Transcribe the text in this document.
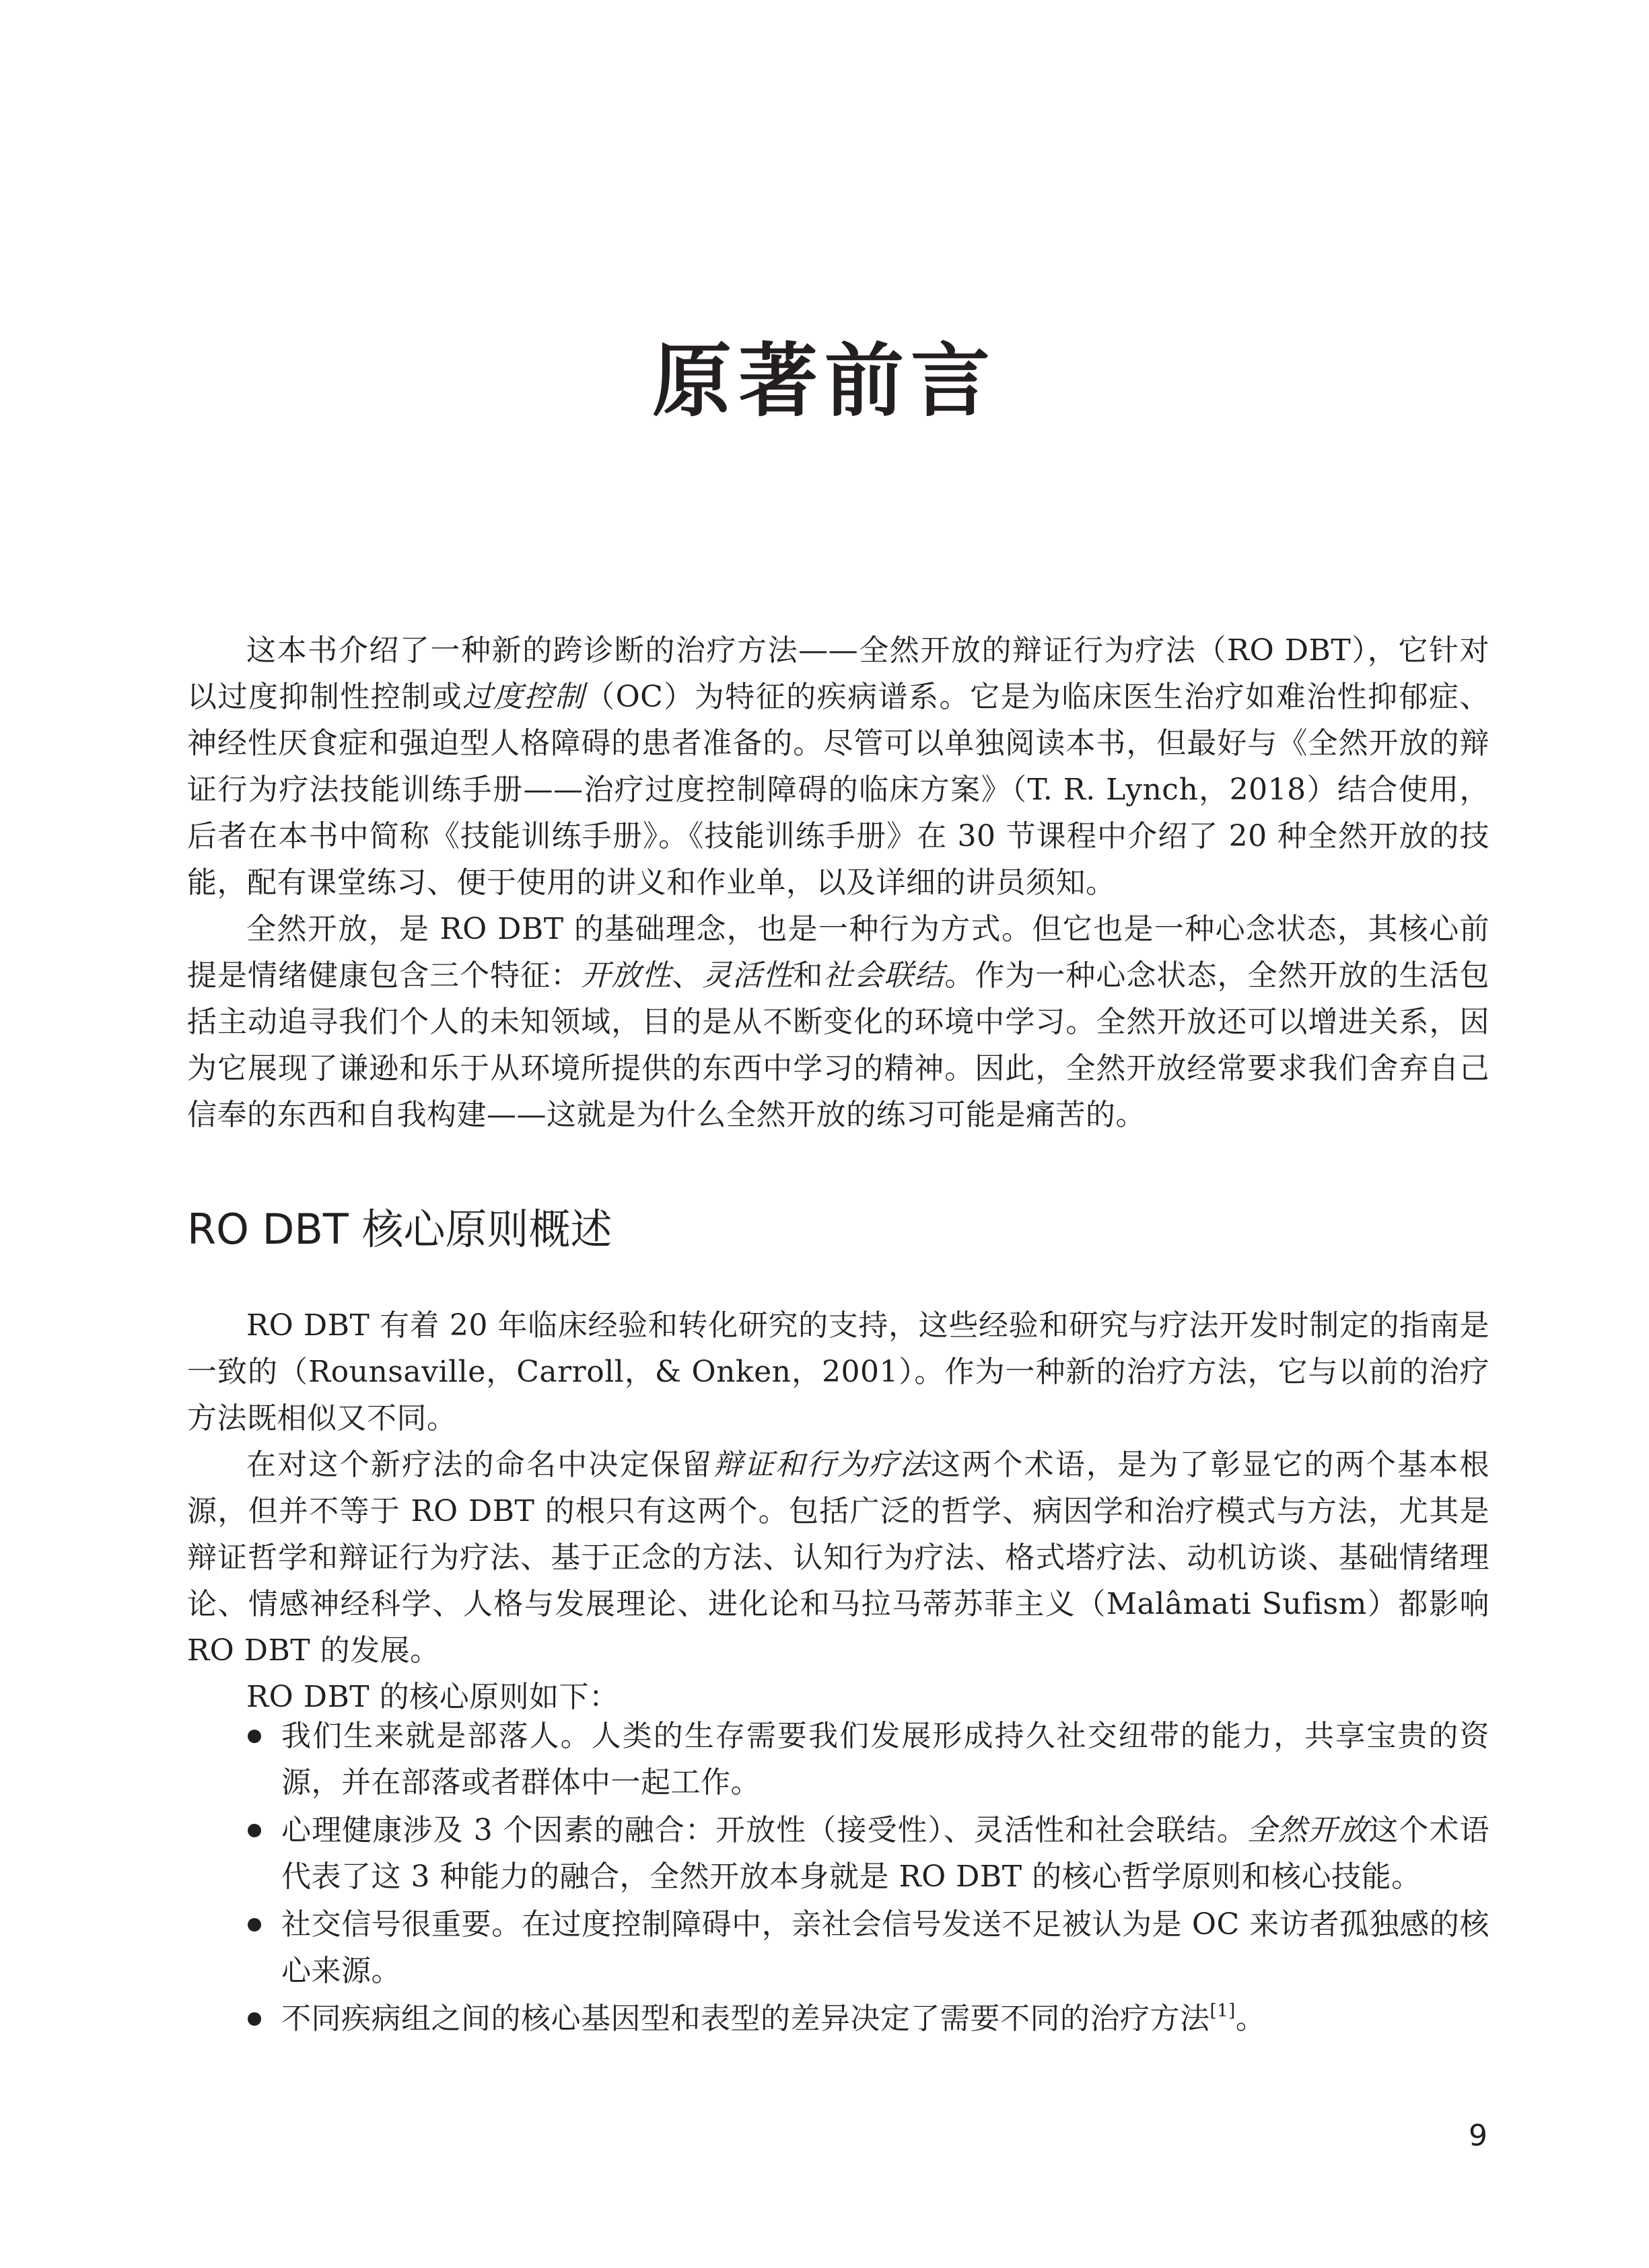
原著前言

这本书介绍了一种新的跨诊断的治疗方法——全然开放的辩证行为疗法（RO DBT），它针对以过度抑制性控制或过度控制（OC）为特征的疾病谱系。它是为临床医生治疗如难治性抑郁症、神经性厌食症和强迫型人格障碍的患者准备的。尽管可以单独阅读本书，但最好与《全然开放的辩证行为疗法技能训练手册——治疗过度控制障碍的临床方案》（T. R. Lynch，2018）结合使用，后者在本书中简称《技能训练手册》。《技能训练手册》在 30 节课程中介绍了 20 种全然开放的技能，配有课堂练习、便于使用的讲义和作业单，以及详细的讲员须知。

全然开放，是 RO DBT 的基础理念，也是一种行为方式。但它也是一种心念状态，其核心前提是情绪健康包含三个特征：开放性、灵活性和社会联结。作为一种心念状态，全然开放的生活包括主动追寻我们个人的未知领域，目的是从不断变化的环境中学习。全然开放还可以增进关系，因为它展现了谦逊和乐于从环境所提供的东西中学习的精神。因此，全然开放经常要求我们舍弃自己信奉的东西和自我构建——这就是为什么全然开放的练习可能是痛苦的。

RO DBT 核心原则概述

RO DBT 有着 20 年临床经验和转化研究的支持，这些经验和研究与疗法开发时制定的指南是一致的（Rounsaville，Carroll，& Onken，2001）。作为一种新的治疗方法，它与以前的治疗方法既相似又不同。

在对这个新疗法的命名中决定保留辩证和行为疗法这两个术语，是为了彰显它的两个基本根源，但并不等于 RO DBT 的根只有这两个。包括广泛的哲学、病因学和治疗模式与方法，尤其是辩证哲学和辩证行为疗法、基于正念的方法、认知行为疗法、格式塔疗法、动机访谈、基础情绪理论、情感神经科学、人格与发展理论、进化论和马拉马蒂苏菲主义（Malâmati Sufism）都影响 RO DBT 的发展。

RO DBT 的核心原则如下：

我们生来就是部落人。人类的生存需要我们发展形成持久社交纽带的能力，共享宝贵的资源，并在部落或者群体中一起工作。
心理健康涉及 3 个因素的融合：开放性（接受性）、灵活性和社会联结。全然开放这个术语代表了这 3 种能力的融合，全然开放本身就是 RO DBT 的核心哲学原则和核心技能。
社交信号很重要。在过度控制障碍中，亲社会信号发送不足被认为是 OC 来访者孤独感的核心来源。
不同疾病组之间的核心基因型和表型的差异决定了需要不同的治疗方法[1]。
9
